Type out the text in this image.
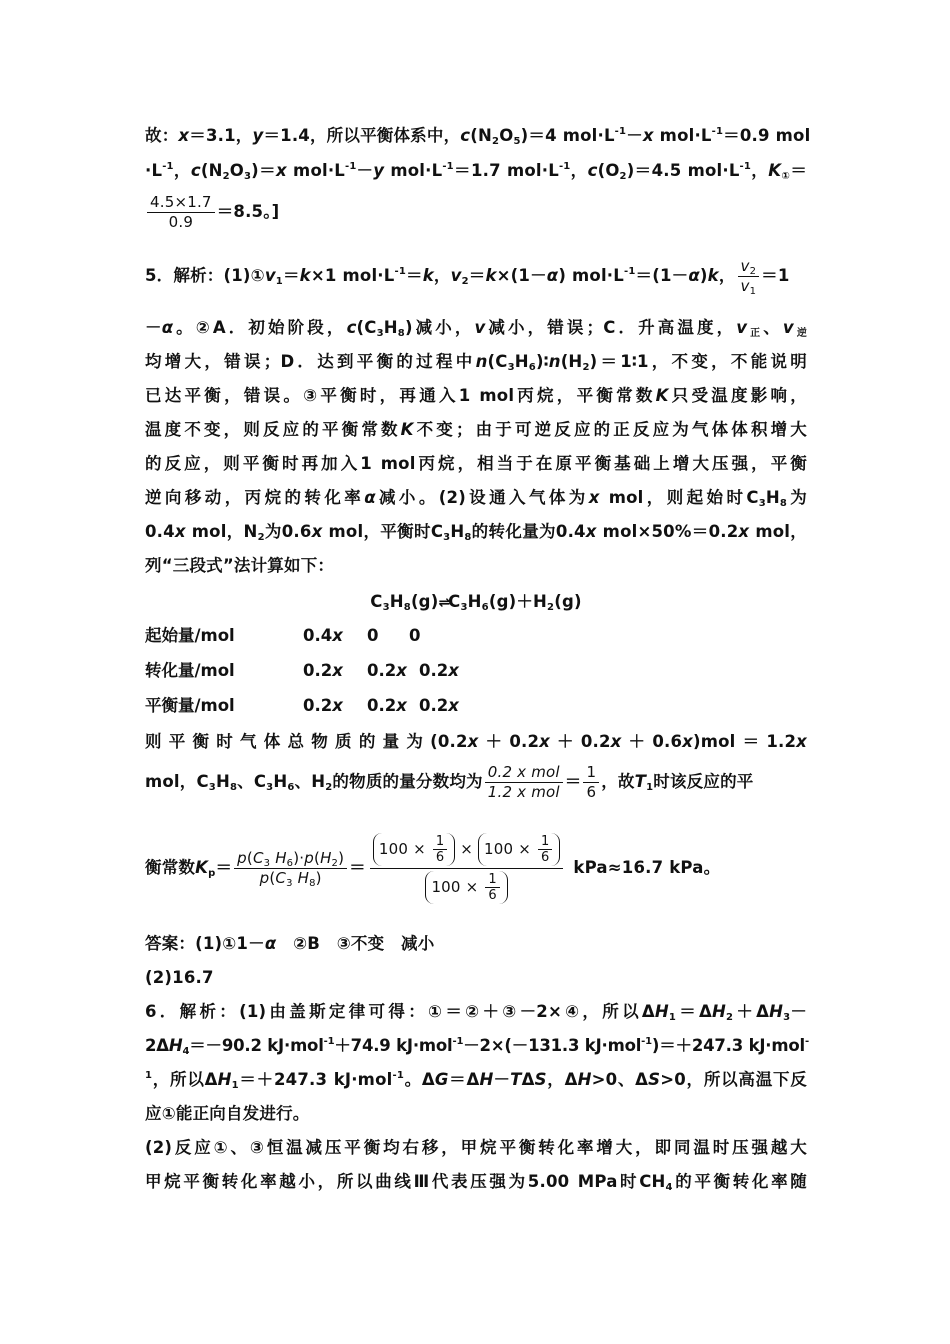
故：x＝3.1，y＝1.4，所以平衡体系中，$c(N_2O_5)=4$ $mol\cdot L^{-1}-x$ $mol\cdot L^{-1}=0.9$ mol
$\cdot L^{-1}$，$c(N_2O_3)=x$ $mol\cdot L^{-1}-y$ $mol\cdot L^{-1}=1.7$ $mol\cdot L^{-1}$，$c(O_2)=4.5$ $mol\cdot L^{-1}$，$K_①=$
$\frac{4.5\times 1.7}{0.9} =8.5$。]
5．解析：$(1)①v_1=k\times 1$ $mol\cdot L^{-1}=k$，$v_2=k\times(1-\alpha)$ $mol\cdot L^{-1}=(1-\alpha)k$， $\frac{v_2}{v_1} =1$
－α。②A．初始阶段，$c(C_3H_8)$减小，v减小，错误；C．升高温度，$v_正$、$v_逆$
均增大，错误；D．达到平衡的过程中$n(C_3H_6)∶n(H_2)=1∶1$，不变，不能说明
已达平衡，错误。③平衡时，再通入1 mol丙烷，平衡常数K只受温度影响，
温度不变，则反应的平衡常数K不变；由于可逆反应的正反应为气体体积增大
的反应，则平衡时再加入1 mol丙烷，相当于在原平衡基础上增大压强，平衡
逆向移动，丙烷的转化率α减小。(2)设通入气体为x mol，则起始时$C_3H_8$为
0.4x mol，$N_2$为0.6x mol，平衡时$C_3H_8$的转化量为0.4x mol×50%＝0.2x mol，
列“三段式”法计算如下：
$C_3H_8(g)\rightleftharpoons C_3H_6(g)+H_2(g)$
起始量/mol	0.4x 0 0
转化量/mol	0.2x 0.2x 0.2x
平衡量/mol	0.2x 0.2x 0.2x
则平衡时气体总物质的量为(0.2x＋0.2x＋0.2x＋0.6x)mol＝1.2x
mol，$C_3H_8$、$C_3H_6$、$H_2$的物质的量分数均为 $\frac{\text{0.2 x mol}}{\text{1.2 x mol}} = \frac{1}{6}$ ，故$T_1$时该反应的平
衡常数$K_p= \frac{p(C_3 H_6)\cdot p(H_2)}{p(C_3 H_8)} = \frac{100 \times \frac{1}{6} \times 100 \times \frac{1}{6}}{100 \times \frac{1}{6}} kPa\approx 16.7$ kPa。
答案：(1)①1－α　②B　③不变　减小
(2)16.7
6．解析：(1)由盖斯定律可得：①＝②＋③－2×④，所以$\Delta H_1=\Delta H_2+\Delta H_3-$
$2\Delta H_4=-90.2$ kJ·mol$^{-1}$＋74.9 kJ·mol$^{-1}$－2×(－131.3 kJ·mol$^{-1}$)＝＋247.3 kJ·mol-
$^1$，所以$\Delta H_1=+247.3$ kJ·mol$^{-1}$。ΔG＝ΔH－TΔS，ΔH>0、ΔS>0，所以高温下反
应①能正向自发进行。
(2)反应①、③恒温减压平衡均右移，甲烷平衡转化率增大，即同温时压强越大
甲烷平衡转化率越小，所以曲线Ⅲ代表压强为5.00 MPa时$CH_4$的平衡转化率随
